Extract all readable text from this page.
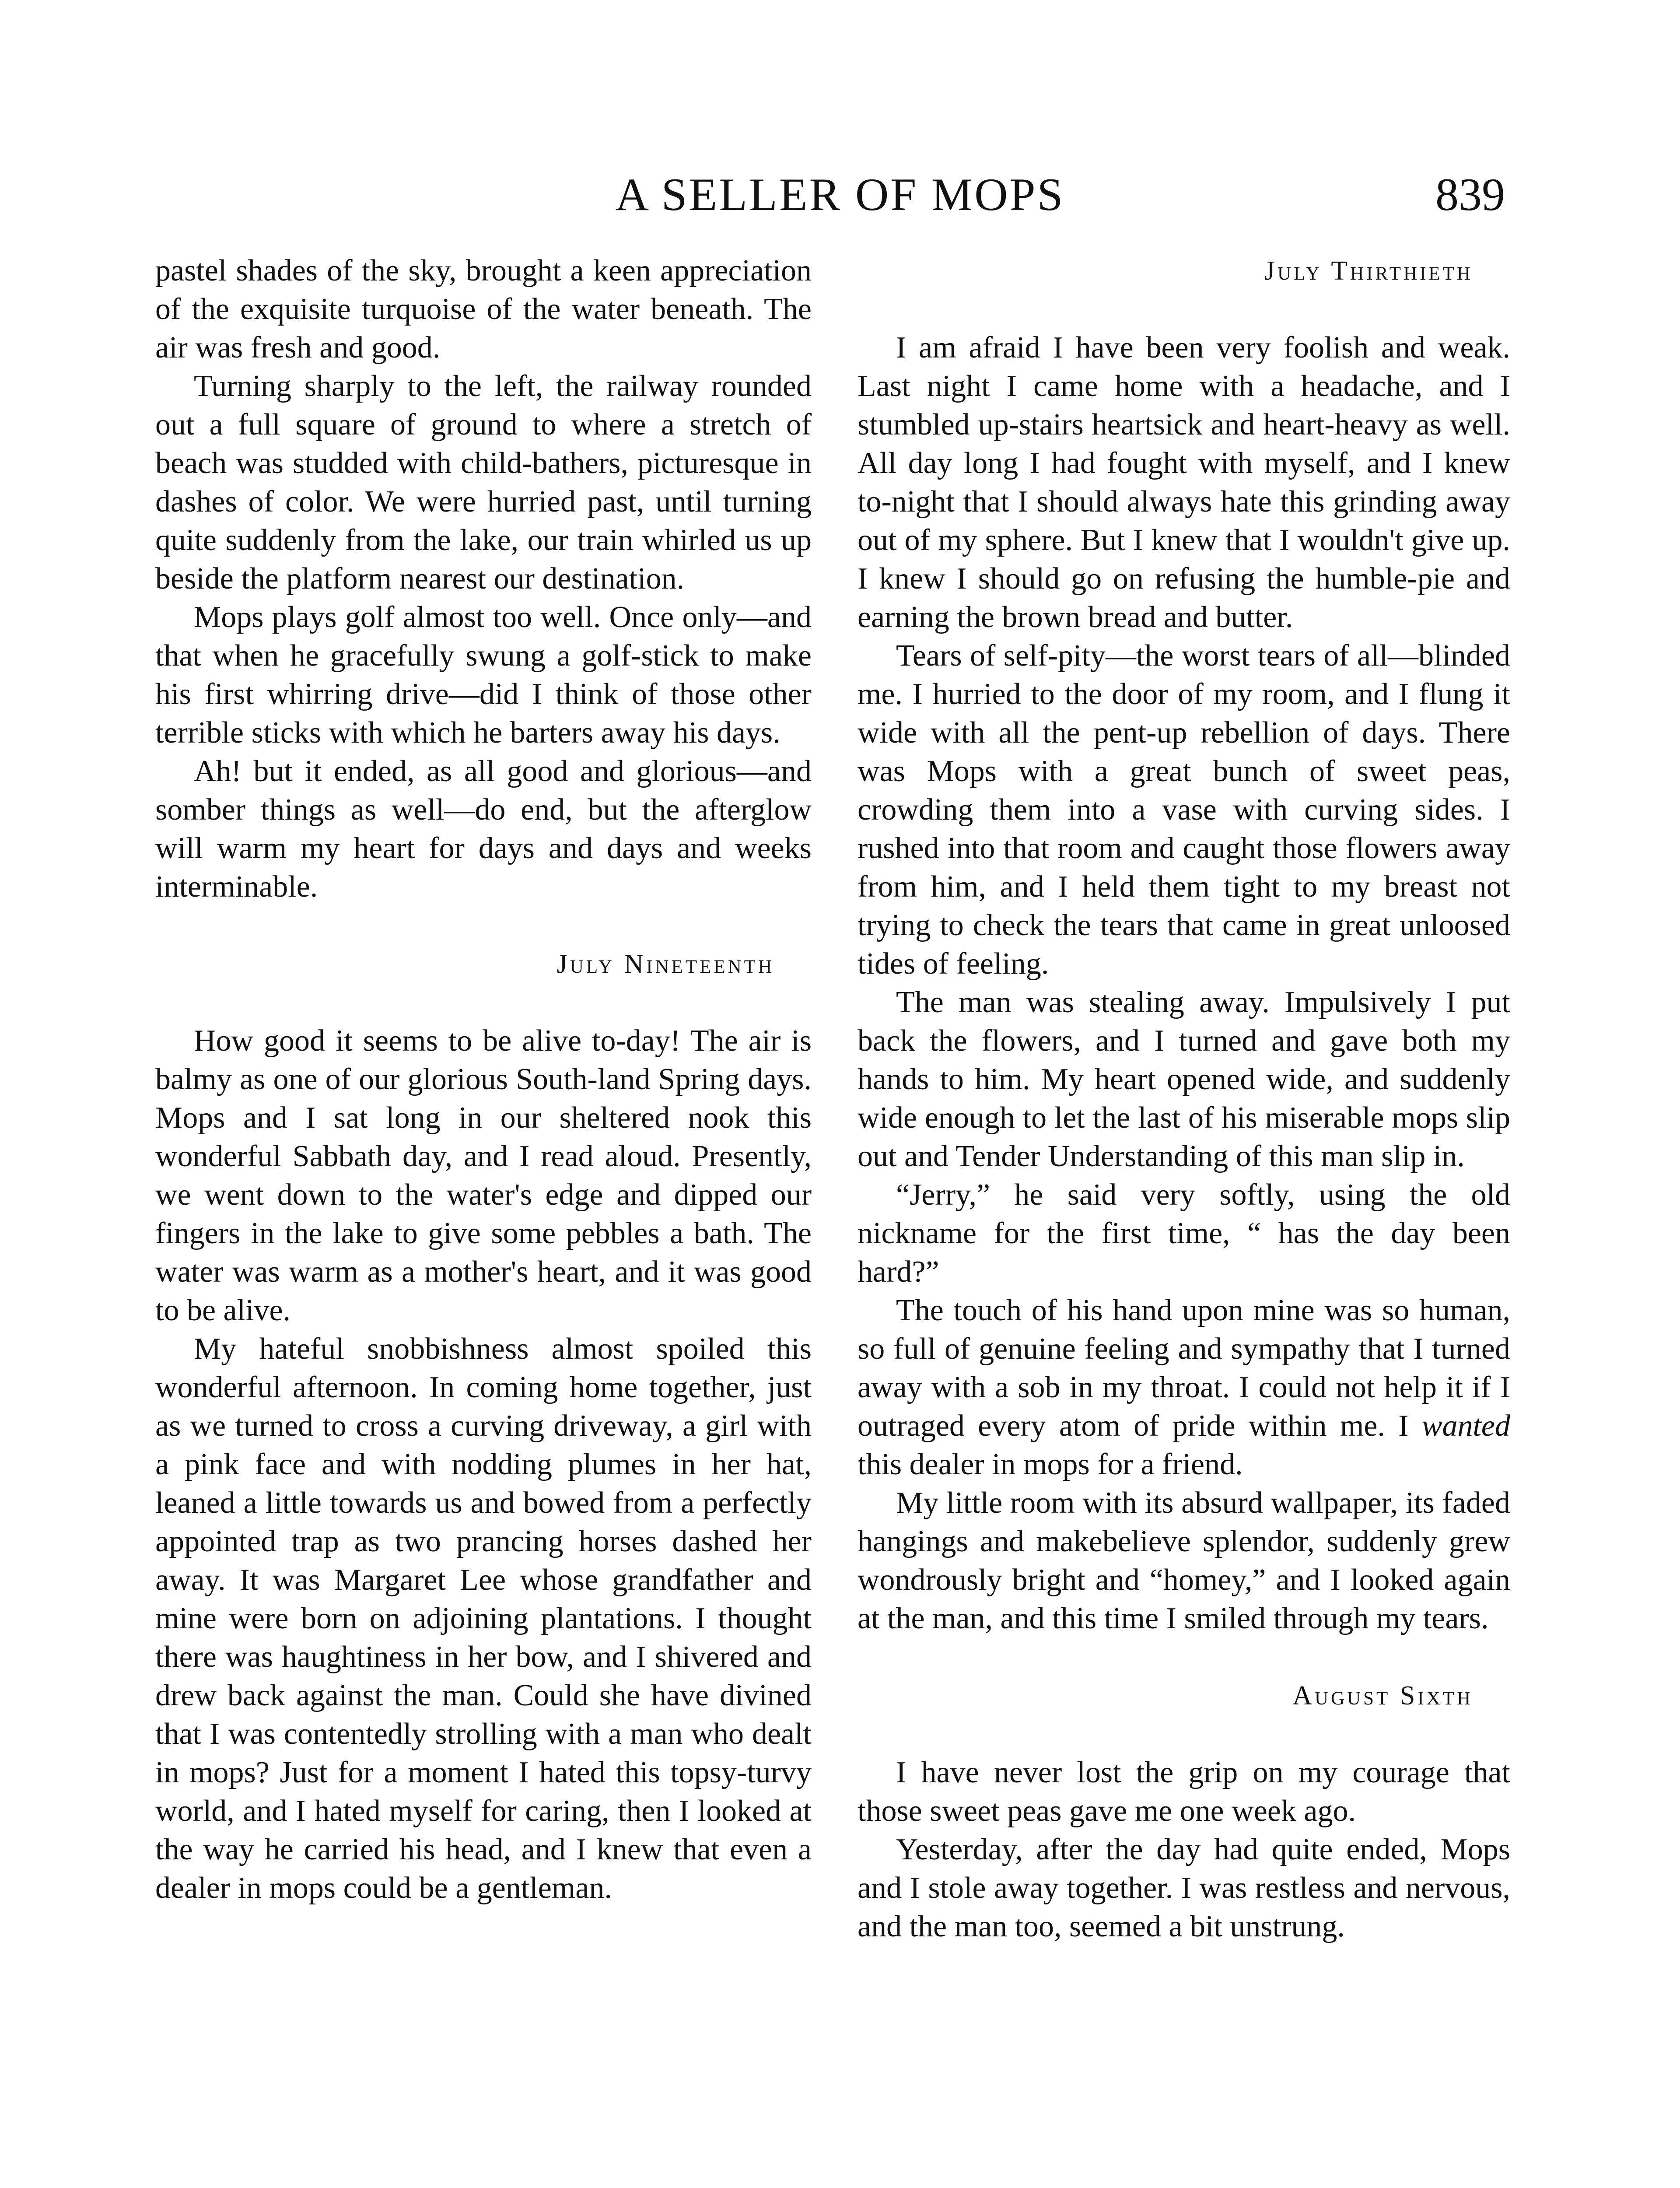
A SELLER OF MOPS	839

pastel shades of the sky, brought a keen appreciation of the exquisite turquoise of the water beneath. The air was fresh and good.

Turning sharply to the left, the railway rounded out a full square of ground to where a stretch of beach was studded with child-bathers, picturesque in dashes of color. We were hurried past, until turning quite suddenly from the lake, our train whirled us up beside the platform nearest our destination.

Mops plays golf almost too well. Once only—and that when he gracefully swung a golf-stick to make his first whirring drive—did I think of those other terrible sticks with which he barters away his days.

Ah! but it ended, as all good and glorious—and somber things as well—do end, but the afterglow will warm my heart for days and days and weeks interminable.

July Nineteenth

How good it seems to be alive to-day! The air is balmy as one of our glorious South-land Spring days. Mops and I sat long in our sheltered nook this wonderful Sabbath day, and I read aloud. Presently, we went down to the water's edge and dipped our fingers in the lake to give some pebbles a bath. The water was warm as a mother's heart, and it was good to be alive.

My hateful snobbishness almost spoiled this wonderful afternoon. In coming home together, just as we turned to cross a curving driveway, a girl with a pink face and with nodding plumes in her hat, leaned a little towards us and bowed from a perfectly appointed trap as two prancing horses dashed her away. It was Margaret Lee whose grandfather and mine were born on adjoining plantations. I thought there was haughtiness in her bow, and I shivered and drew back against the man. Could she have divined that I was contentedly strolling with a man who dealt in mops? Just for a moment I hated this topsy-turvy world, and I hated myself for caring, then I looked at the way he carried his head, and I knew that even a dealer in mops could be a gentleman.

July Thirthieth

I am afraid I have been very foolish and weak. Last night I came home with a headache, and I stumbled up-stairs heartsick and heart-heavy as well. All day long I had fought with myself, and I knew to-night that I should always hate this grinding away out of my sphere. But I knew that I wouldn't give up. I knew I should go on refusing the humble-pie and earning the brown bread and butter.

Tears of self-pity—the worst tears of all—blinded me. I hurried to the door of my room, and I flung it wide with all the pent-up rebellion of days. There was Mops with a great bunch of sweet peas, crowding them into a vase with curving sides. I rushed into that room and caught those flowers away from him, and I held them tight to my breast not trying to check the tears that came in great unloosed tides of feeling.

The man was stealing away. Impulsively I put back the flowers, and I turned and gave both my hands to him. My heart opened wide, and suddenly wide enough to let the last of his miserable mops slip out and Tender Understanding of this man slip in.

“Jerry,” he said very softly, using the old nickname for the first time, “ has the day been hard?”

The touch of his hand upon mine was so human, so full of genuine feeling and sympathy that I turned away with a sob in my throat. I could not help it if I outraged every atom of pride within me. I wanted this dealer in mops for a friend.

My little room with its absurd wallpaper, its faded hangings and makebelieve splendor, suddenly grew wondrously bright and “homey,” and I looked again at the man, and this time I smiled through my tears.

August Sixth

I have never lost the grip on my courage that those sweet peas gave me one week ago.

Yesterday, after the day had quite ended, Mops and I stole away together. I was restless and nervous, and the man too, seemed a bit unstrung.
